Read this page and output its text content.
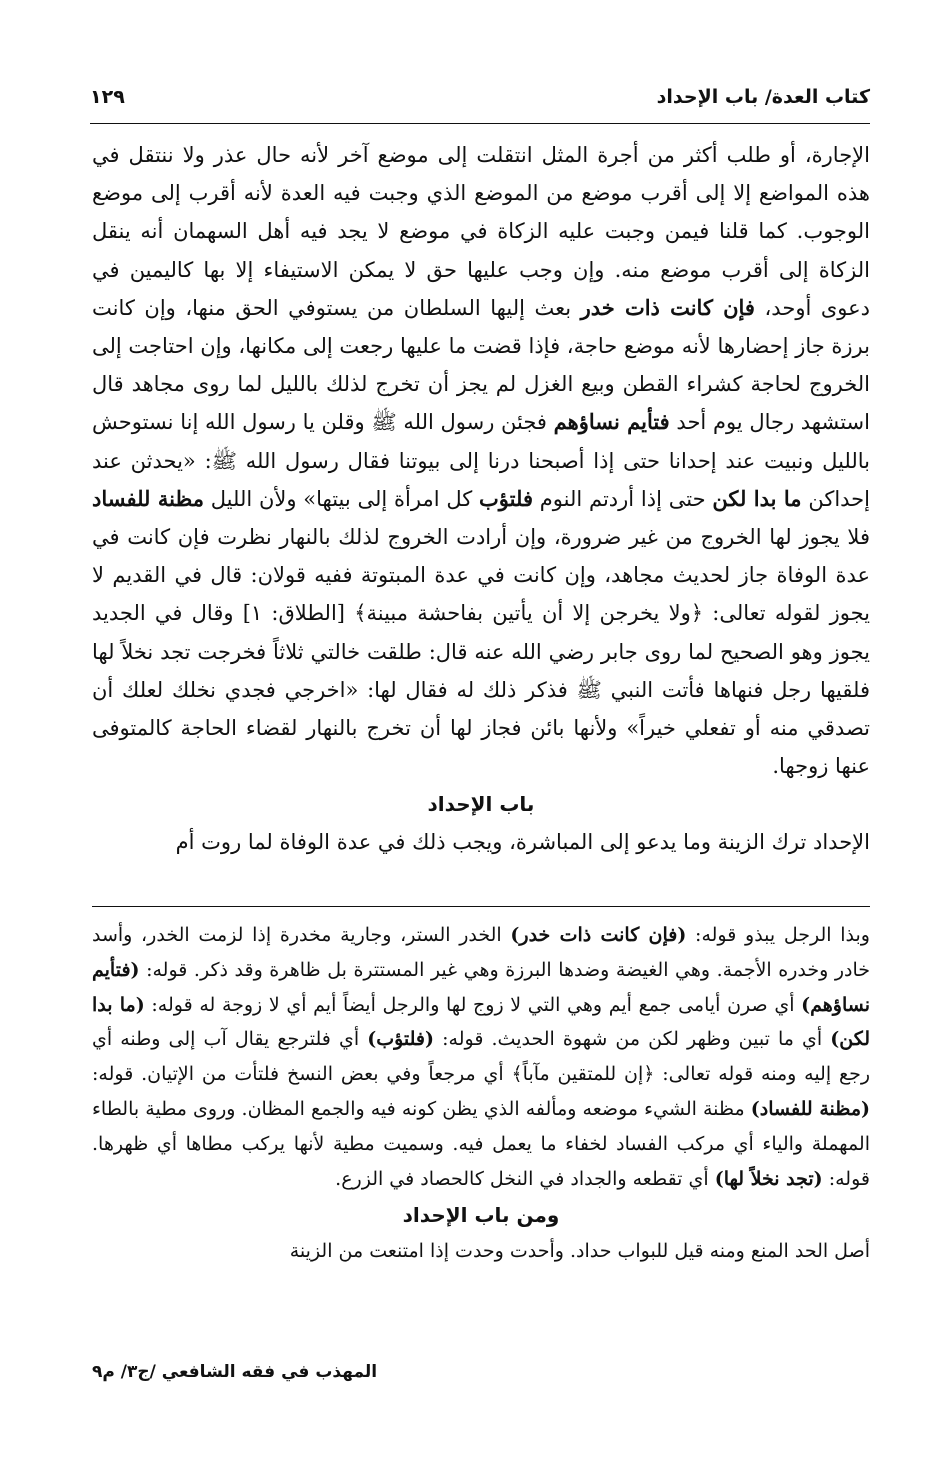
كتاب العدة/ باب الإحداد
١٢٩

الإجارة، أو طلب أكثر من أجرة المثل انتقلت إلى موضع آخر لأنه حال عذر ولا ننتقل في هذه المواضع إلا إلى أقرب موضع من الموضع الذي وجبت فيه العدة لأنه أقرب إلى موضع الوجوب. كما قلنا فيمن وجبت عليه الزكاة في موضع لا يجد فيه أهل السهمان أنه ينقل الزكاة إلى أقرب موضع منه. وإن وجب عليها حق لا يمكن الاستيفاء إلا بها كاليمين في دعوى أوحد، فإن كانت ذات خدر بعث إليها السلطان من يستوفي الحق منها، وإن كانت برزة جاز إحضارها لأنه موضع حاجة، فإذا قضت ما عليها رجعت إلى مكانها، وإن احتاجت إلى الخروج لحاجة كشراء القطن وبيع الغزل لم يجز أن تخرج لذلك بالليل لما روى مجاهد قال استشهد رجال يوم أحد فتأيم نساؤهم فجئن رسول الله ﷺ وقلن يا رسول الله إنا نستوحش بالليل ونبيت عند إحدانا حتى إذا أصبحنا درنا إلى بيوتنا فقال رسول الله ﷺ: «يحدثن عند إحداكن ما بدا لكن حتى إذا أردتم النوم فلتؤب كل امرأة إلى بيتها» ولأن الليل مظنة للفساد فلا يجوز لها الخروج من غير ضرورة، وإن أرادت الخروج لذلك بالنهار نظرت فإن كانت في عدة الوفاة جاز لحديث مجاهد، وإن كانت في عدة المبتوتة ففيه قولان: قال في القديم لا يجوز لقوله تعالى: ﴿ولا يخرجن إلا أن يأتين بفاحشة مبينة﴾ [الطلاق: ١] وقال في الجديد يجوز وهو الصحيح لما روى جابر رضي الله عنه قال: طلقت خالتي ثلاثاً فخرجت تجد نخلاً لها فلقيها رجل فنهاها فأتت النبي ﷺ فذكر ذلك له فقال لها: «اخرجي فجدي نخلك لعلك أن تصدقي منه أو تفعلي خيراً» ولأنها بائن فجاز لها أن تخرج بالنهار لقضاء الحاجة كالمتوفى عنها زوجها.

باب الإحداد

الإحداد ترك الزينة وما يدعو إلى المباشرة، ويجب ذلك في عدة الوفاة لما روت أم

وبذا الرجل يبذو قوله: (فإن كانت ذات خدر) الخدر الستر، وجارية مخدرة إذا لزمت الخدر، وأسد خادر وخدره الأجمة. وهي الغيضة وضدها البرزة وهي غير المستترة بل ظاهرة وقد ذكر. قوله: (فتأيم نساؤهم) أي صرن أيامى جمع أيم وهي التي لا زوج لها والرجل أيضاً أيم أي لا زوجة له قوله: (ما بدا لكن) أي ما تبين وظهر لكن من شهوة الحديث. قوله: (فلتؤب) أي فلترجع يقال آب إلى وطنه أي رجع إليه ومنه قوله تعالى: ﴿إن للمتقين مآباً﴾ أي مرجعاً وفي بعض النسخ فلتأت من الإتيان. قوله: (مظنة للفساد) مظنة الشيء موضعه ومألفه الذي يظن كونه فيه والجمع المظان. وروى مطية بالطاء المهملة والياء أي مركب الفساد لخفاء ما يعمل فيه. وسميت مطية لأنها يركب مطاها أي ظهرها. قوله: (تجد نخلاً لها) أي تقطعه والجداد في النخل كالحصاد في الزرع.

ومن باب الإحداد

أصل الحد المنع ومنه قيل للبواب حداد. وأحدت وحدت إذا امتنعت من الزينة

المهذب في فقه الشافعي /ج٣/ م٩
